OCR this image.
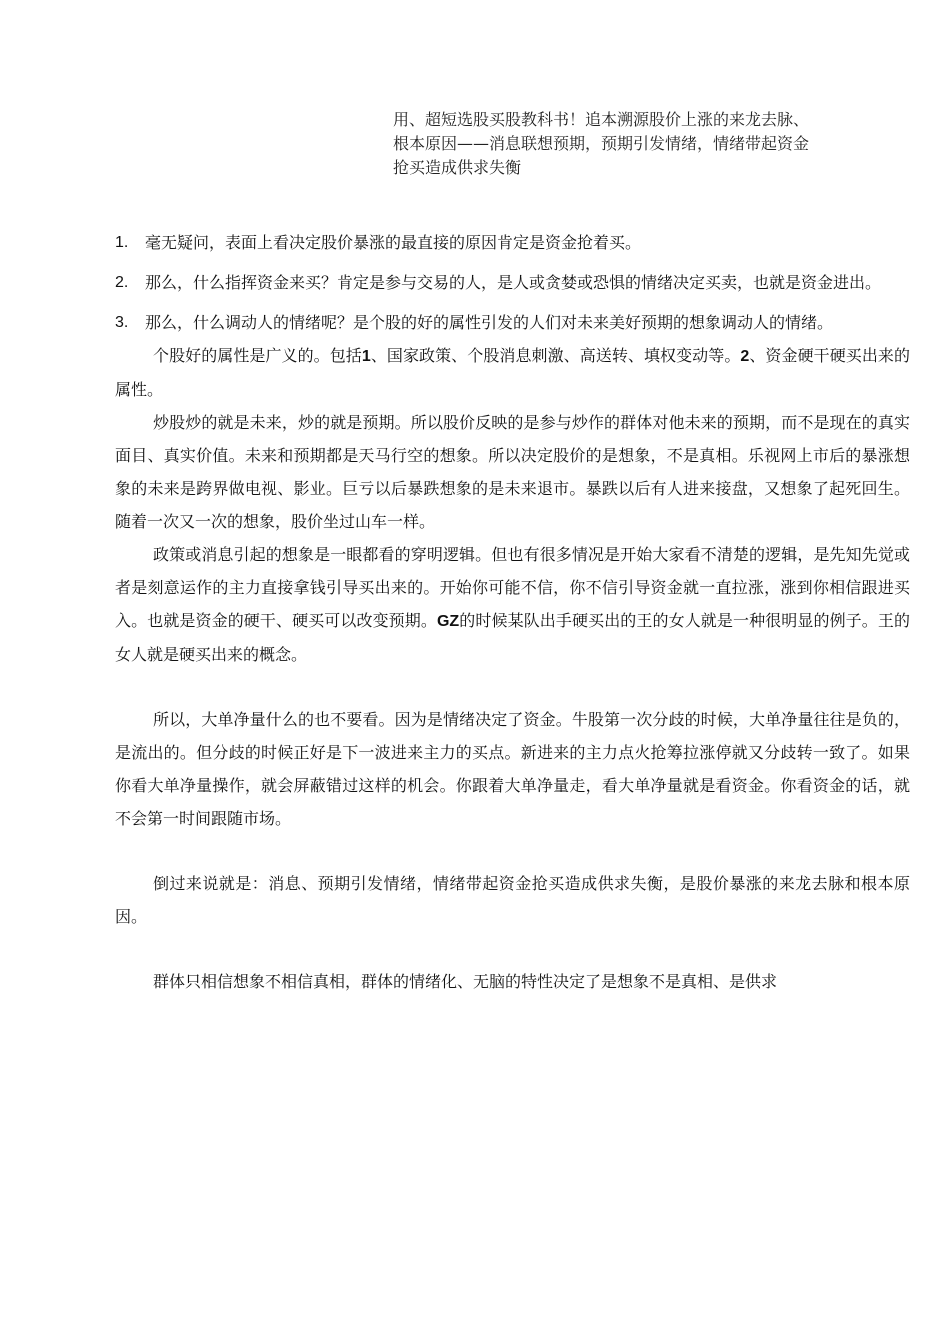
用、超短选股买股教科书！追本溯源股价上涨的来龙去脉、
根本原因——消息联想预期，预期引发情绪，情绪带起资金
抢买造成供求失衡
1.	毫无疑问，表面上看决定股价暴涨的最直接的原因肯定是资金抢着买。
2.	那么，什么指挥资金来买？肯定是参与交易的人，是人或贪婪或恐惧的情绪决定买卖，也就是资金进出。
3.	那么，什么调动人的情绪呢？是个股的好的属性引发的人们对未来美好预期的想象调动人的情绪。

个股好的属性是广义的。包括1、国家政策、个股消息刺激、高送转、填权变动等。2、资金硬干硬买出来的属性。

炒股炒的就是未来，炒的就是预期。所以股价反映的是参与炒作的群体对他未来的预期，而不是现在的真实面目、真实价值。未来和预期都是天马行空的想象。所以决定股价的是想象，不是真相。乐视网上市后的暴涨想象的未来是跨界做电视、影业。巨亏以后暴跌想象的是未来退市。暴跌以后有人进来接盘，又想象了起死回生。随着一次又一次的想象，股价坐过山车一样。

政策或消息引起的想象是一眼都看的穿明逻辑。但也有很多情况是开始大家看不清楚的逻辑，是先知先觉或者是刻意运作的主力直接拿钱引导买出来的。开始你可能不信，你不信引导资金就一直拉涨，涨到你相信跟进买入。也就是资金的硬干、硬买可以改变预期。GZ的时候某队出手硬买出的王的女人就是一种很明显的例子。王的女人就是硬买出来的概念。

所以，大单净量什么的也不要看。因为是情绪决定了资金。牛股第一次分歧的时候，大单净量往往是负的，是流出的。但分歧的时候正好是下一波进来主力的买点。新进来的主力点火抢筹拉涨停就又分歧转一致了。如果你看大单净量操作，就会屏蔽错过这样的机会。你跟着大单净量走，看大单净量就是看资金。你看资金的话，就不会第一时间跟随市场。

倒过来说就是：消息、预期引发情绪，情绪带起资金抢买造成供求失衡，是股价暴涨的来龙去脉和根本原因。

群体只相信想象不相信真相，群体的情绪化、无脑的特性决定了是想象不是真相、是供求
